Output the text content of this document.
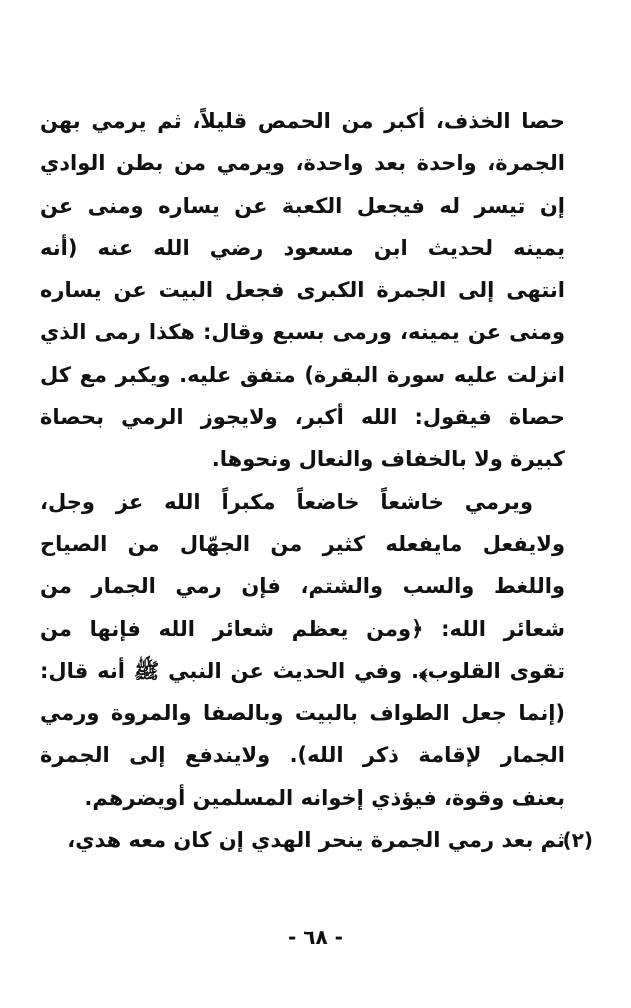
حصا الخذف، أكبر من الحمص قليلاً، ثم يرمي بهن
الجمرة، واحدة بعد واحدة، ويرمي من بطن الوادي
إن تيسر له فيجعل الكعبة عن يساره ومنى عن
يمينه لحديث ابن مسعود رضي الله عنه (أنه
انتهى إلى الجمرة الكبرى فجعل البيت عن يساره
ومنى عن يمينه، ورمى بسبع وقال: هكذا رمى الذي
انزلت عليه سورة البقرة) متفق عليه. ويكبر مع كل
حصاة فيقول: الله أكبر، ولايجوز الرمي بحصاة
كبيرة ولا بالخفاف والنعال ونحوها.
ويرمي خاشعاً خاضعاً مكبراً الله عز وجل،
ولايفعل مايفعله كثير من الجهّال من الصياح
واللغط والسب والشتم، فإن رمي الجمار من
شعائر الله: ﴿ومن يعظم شعائر الله فإنها من
تقوى القلوب﴾. وفي الحديث عن النبي ﷺ أنه قال:
(إنما جعل الطواف بالبيت وبالصفا والمروة ورمي
الجمار لإقامة ذكر الله). ولايندفع إلى الجمرة
بعنف وقوة، فيؤذي إخوانه المسلمين أويضرهم.
(٢)
ثم بعد رمي الجمرة ينحر الهدي إن كان معه هدي،
- ٦٨ -
